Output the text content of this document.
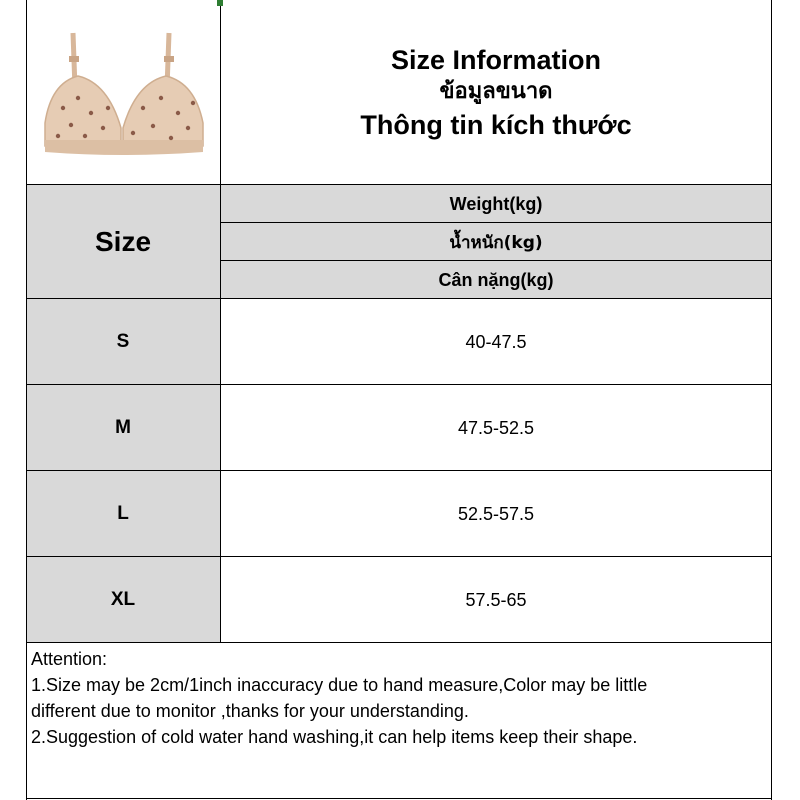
Size Information
ข้อมูลขนาด
Thông tin kích thước
Size
Weight(kg)
น้ำหนัก(kg)
Cân nặng(kg)
S	40-47.5
M	47.5-52.5
L	52.5-57.5
XL	57.5-65
Attention:
1.Size may be 2cm/1inch inaccuracy due to hand measure,Color may be little
different due to monitor ,thanks for your understanding.
2.Suggestion of cold water hand washing,it can help items keep their shape.
